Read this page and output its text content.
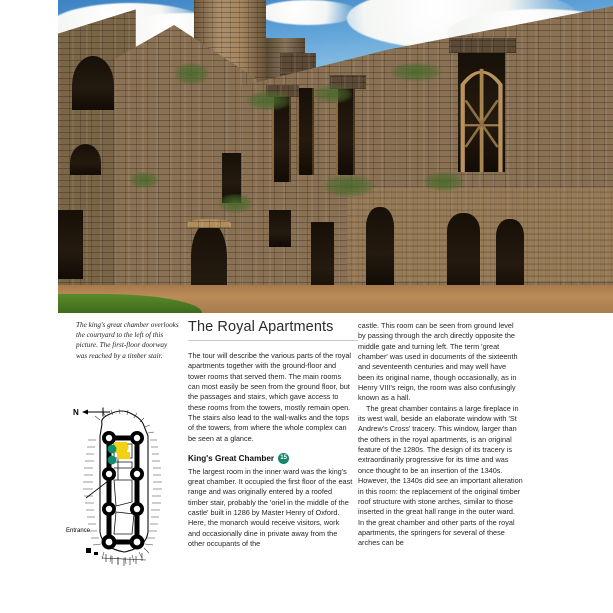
The king's great chamber overlooks the courtyard to the left of this picture. The first-floor doorway was reached by a timber stair.
N
Entrance
The Royal Apartments

The tour will describe the various parts of the royal apartments together with the ground-floor and tower rooms that served them. The main rooms can most easily be seen from the ground floor, but the passages and stairs, which gave access to these rooms from the towers, mostly remain open. The stairs also lead to the wall-walks and the tops of the towers, from where the whole complex can be seen at a glance.

King's Great Chamber	15

The largest room in the inner ward was the king's great chamber. It occupied the first floor of the east range and was originally entered by a roofed timber stair, probably the 'oriel in the middle of the castle' built in 1286 by Master Henry of Oxford. Here, the monarch would receive visitors, work and occasionally dine in private away from the other occupants of the

castle. This room can be seen from ground level by passing through the arch directly opposite the middle gate and turning left. The term 'great chamber' was used in documents of the sixteenth and seventeenth centuries and may well have been its original name, though occasionally, as in Henry VIII's reign, the room was also confusingly known as a hall.

The great chamber contains a large fireplace in its west wall, beside an elaborate window with 'St Andrew's Cross' tracery. This window, larger than the others in the royal apartments, is an original feature of the 1280s. The design of its tracery is extraordinarily progressive for its time and was once thought to be an insertion of the 1340s. However, the 1340s did see an important alteration in this room: the replacement of the original timber roof structure with stone arches, similar to those inserted in the great hall range in the outer ward. In the great chamber and other parts of the royal apartments, the springers for several of these arches can be
